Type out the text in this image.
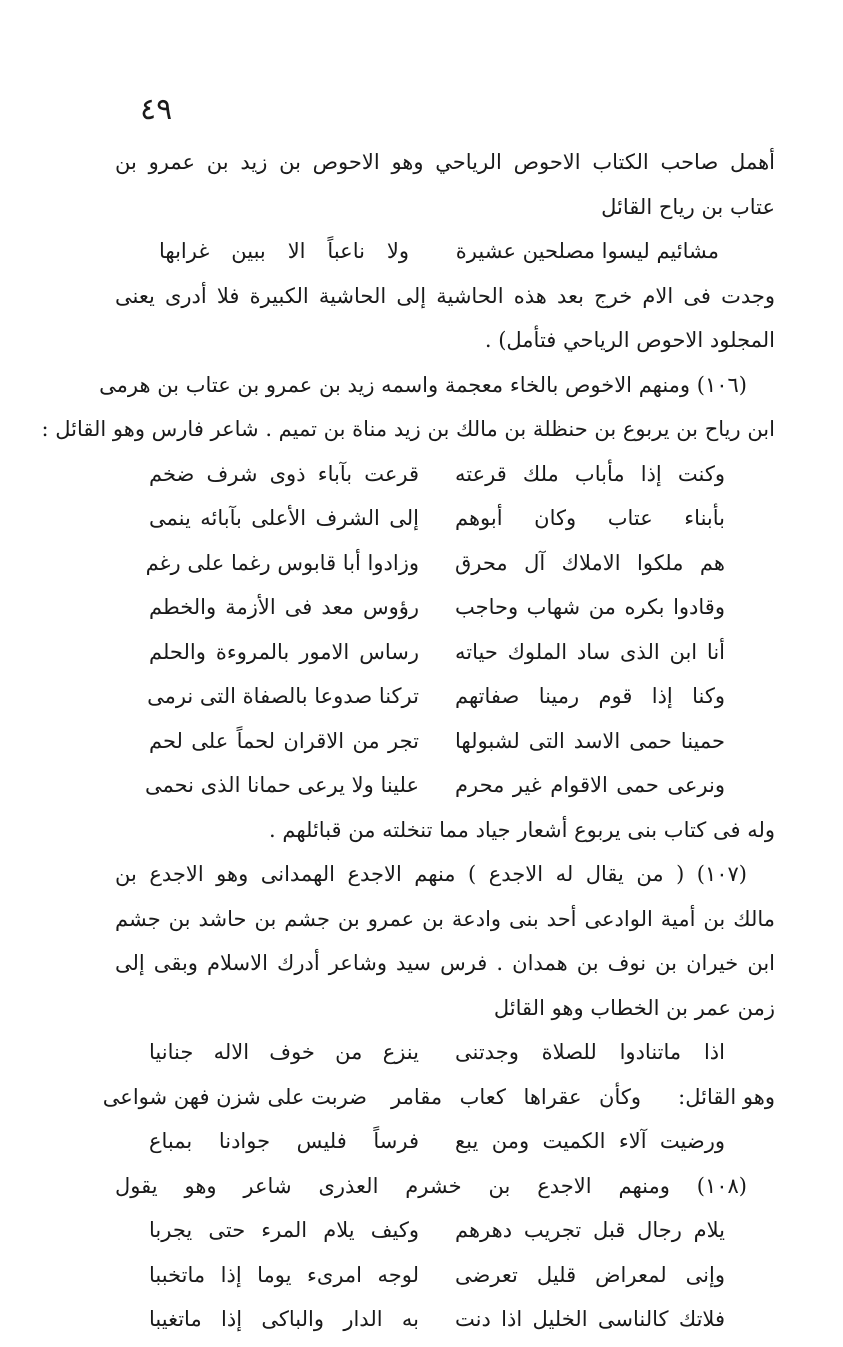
٤٩
أهمل صاحب الكتاب الاحوص الرياحي وهو الاحوص بن زيد بن عمرو بن
عتاب بن رياح القائل
مشائيم ليسوا مصلحين عشيرة
ولا ناعباً الا ببين غرابها
وجدت فى الام خرج بعد هذه الحاشية إلى الحاشية الكبيرة فلا أدرى يعنى
المجلود الاحوص الرياحي فتأمل) .
(١٠٦) ومنهم الاخوص بالخاء معجمة واسمه زيد بن عمرو بن عتاب بن هرمى
ابن رياح بن يربوع بن حنظلة بن مالك بن زيد مناة بن تميم . شاعر فارس وهو القائل :
وكنت إذا مأباب ملك قرعته
قرعت بآباء ذوى شرف ضخم
بأبناء عتاب وكان أبوهم
إلى الشرف الأعلى بآبائه ينمى
هم ملكوا الاملاك آل محرق
وزادوا أبا قابوس رغما على رغم
وقادوا بكره من شهاب وحاجب
رؤوس معد فى الأزمة والخطم
أنا ابن الذى ساد الملوك حياته
رساس الامور بالمروءة والحلم
وكنا إذا قوم رمينا صفاتهم
تركنا صدوعا بالصفاة التى نرمى
حمينا حمى الاسد التى لشبولها
تجر من الاقران لحماً على لحم
ونرعى حمى الاقوام غير محرم
علينا ولا يرعى حمانا الذى نحمى
وله فى كتاب بنى يربوع أشعار جياد مما تنخلته من قبائلهم .
(١٠٧) ( من يقال له الاجدع ) منهم الاجدع الهمدانى وهو الاجدع بن
مالك بن أمية الوادعى أحد بنى وادعة بن عمرو بن جشم بن حاشد بن جشم
ابن خيران بن نوف بن همدان . فرس سيد وشاعر أدرك الاسلام وبقى إلى
زمن عمر بن الخطاب وهو القائل
اذا ماتنادوا للصلاة وجدتنى
ينزع من خوف الاله جنانيا
وهو القائل:
وكأن عقراها كعاب مقامر
ضربت على شزن فهن شواعى
ورضيت آلاء الكميت ومن يبع
فرساً فليس جوادنا بمباع
(١٠٨) ومنهم الاجدع بن خشرم العذرى شاعر وهو يقول
يلام رجال قبل تجريب دهرهم
وكيف يلام المرء حتى يجربا
وإنى لمعراض قليل تعرضى
لوجه امرىء يوما إذا ماتخببا
فلاتك كالناسى الخليل اذا دنت
به الدار والباكى إذا ماتغيبا
